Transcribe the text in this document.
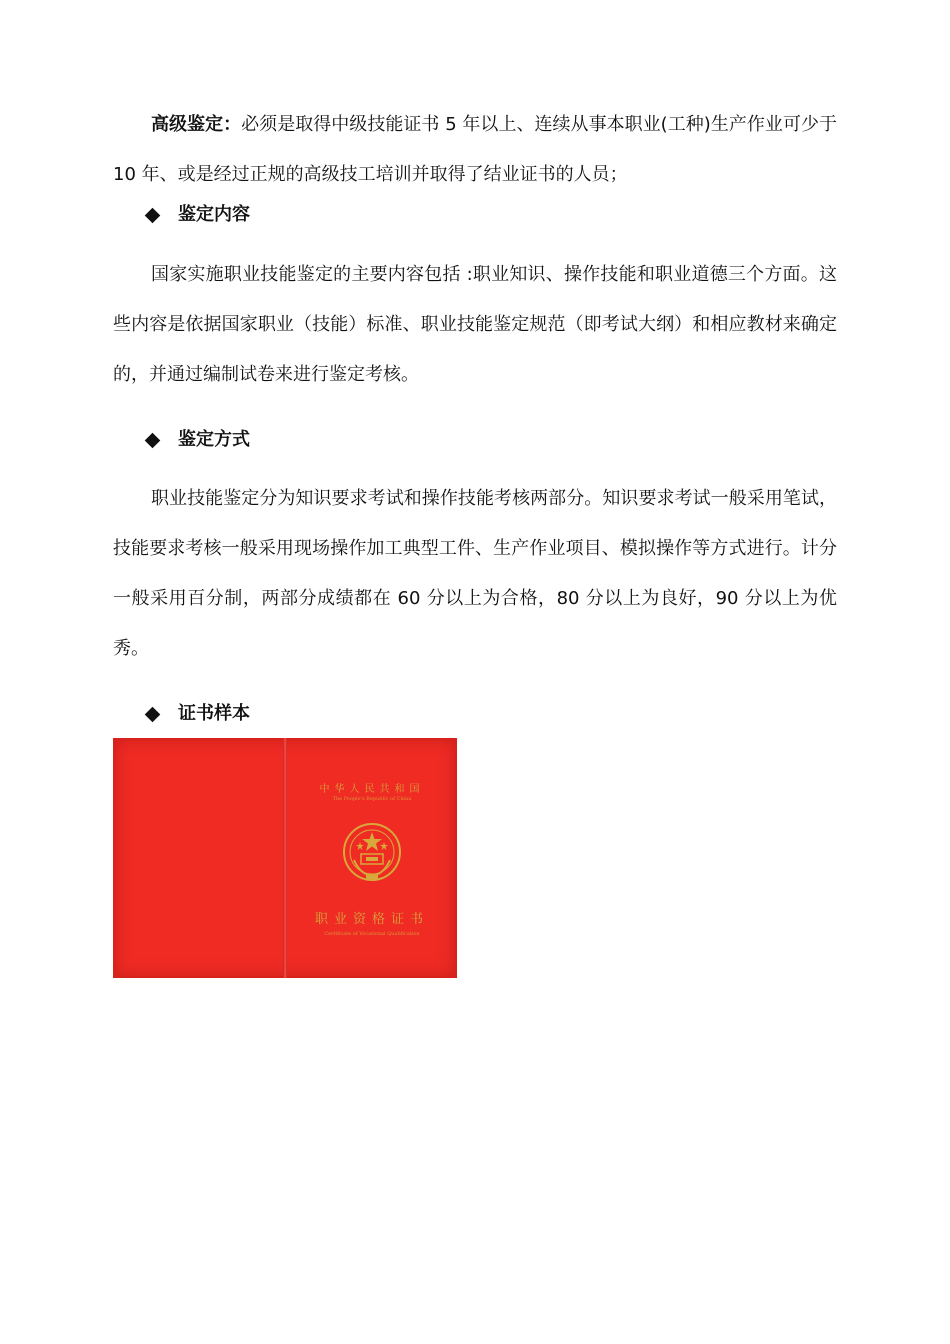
高级鉴定：必须是取得中级技能证书 5 年以上、连续从事本职业(工种)生产作业可少于 10 年、或是经过正规的高级技工培训并取得了结业证书的人员；

鉴定内容

国家实施职业技能鉴定的主要内容包括 :职业知识、操作技能和职业道德三个方面。这些内容是依据国家职业（技能）标准、职业技能鉴定规范（即考试大纲）和相应教材来确定的，并通过编制试卷来进行鉴定考核。

鉴定方式

职业技能鉴定分为知识要求考试和操作技能考核两部分。知识要求考试一般采用笔试，技能要求考核一般采用现场操作加工典型工件、生产作业项目、模拟操作等方式进行。计分一般采用百分制，两部分成绩都在 60 分以上为合格，80 分以上为良好，90 分以上为优秀。

证书样本
中华人民共和国
The People's Republic of China
职业资格证书
Certificate of Vocational Qualification
